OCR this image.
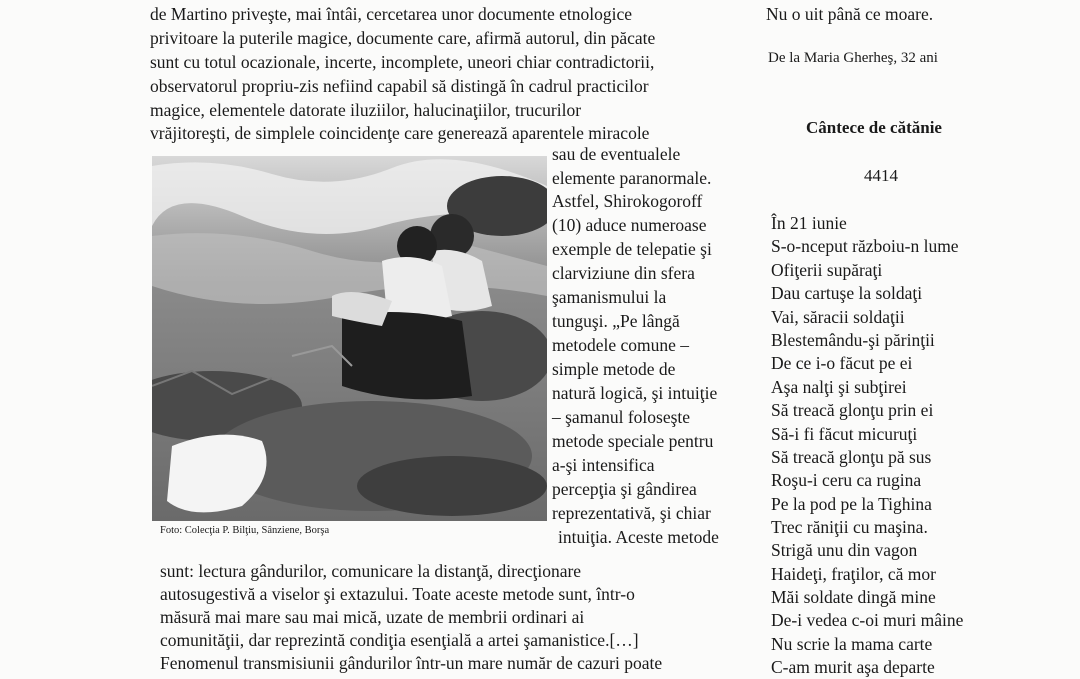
de Martino priveşte, mai întâi, cercetarea unor documente etnologice
privitoare la puterile magice, documente care, afirmă autorul, din păcate
sunt cu totul ocazionale, incerte, incomplete, uneori chiar contradictorii,
observatorul propriu-zis nefiind capabil să distingă în cadrul practicilor
magice, elementele datorate iluziilor, halucinaţiilor, trucurilor
vrăjitoreşti, de simplele coincidenţe care generează aparentele miracole
Foto: Colecţia P. Bilţiu, Sânziene, Borşa
sau de eventualele
elemente paranormale.
Astfel, Shirokogoroff
(10) aduce numeroase
exemple de telepatie şi
clarviziune din sfera
şamanismului la
tunguşi. „Pe lângă
metodele comune –
simple metode de
natură logică, şi intuiţie
– şamanul foloseşte
metode speciale pentru
a-şi intensifica
percepţia şi gândirea
reprezentativă, şi chiar
intuiţia. Aceste metode
sunt: lectura gândurilor, comunicare la distanţă, direcţionare
autosugestivă a viselor şi extazului. Toate aceste metode sunt, într-o
măsură mai mare sau mai mică, uzate de membrii ordinari ai
comunităţii, dar reprezintă condiţia esenţială a artei şamanistice.[…]
Fenomenul transmisiunii gândurilor într-un mare număr de cazuri poate
Nu o uit până ce moare.
De la Maria Gherheş, 32 ani
Cântece de cătănie
4414
În 21 iunie
S-o-nceput războiu-n lume
Ofiţerii supăraţi
Dau cartuşe la soldaţi
Vai, săracii soldaţii
Blestemându-şi părinţii
De ce i-o făcut pe ei
Aşa nalţi şi subţirei
Să treacă glonţu prin ei
Să-i fi făcut micuruţi
Să treacă glonţu pă sus
Roşu-i ceru ca rugina
Pe la pod pe la Tighina
Trec răniţii cu maşina.
Strigă unu din vagon
Haideţi, fraţilor, că mor
Măi soldate dingă mine
De-i vedea c-oi muri mâine
Nu scrie la mama carte
C-am murit aşa departe
